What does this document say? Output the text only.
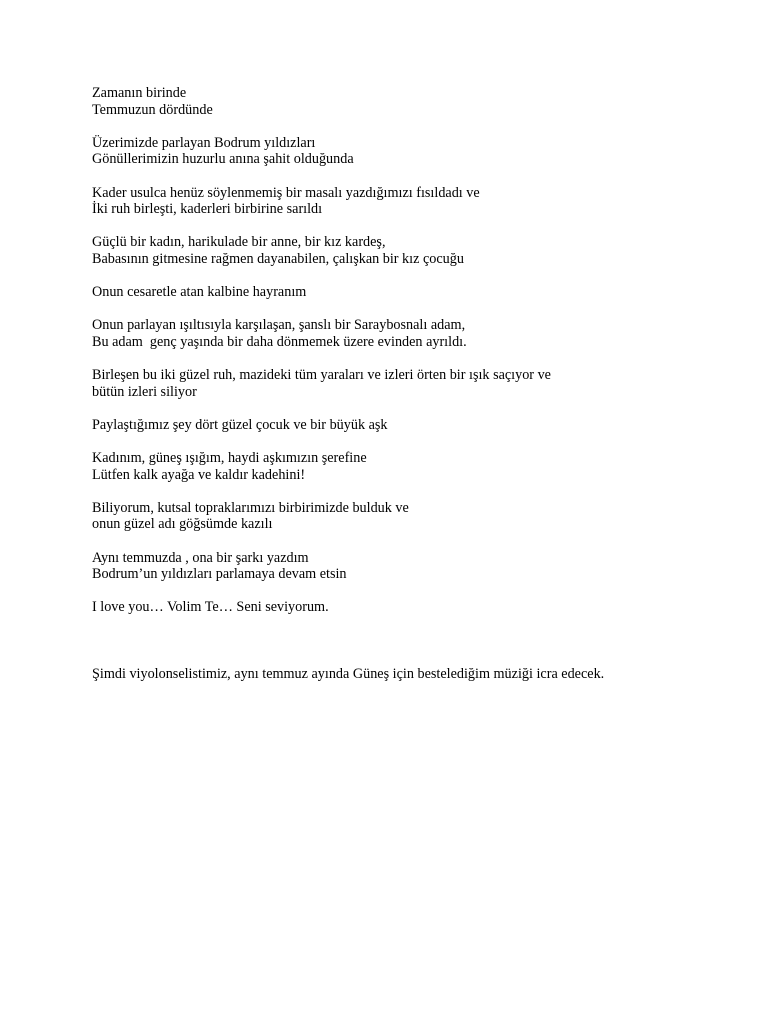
Zamanın birinde
Temmuzun dördünde
Üzerimizde parlayan Bodrum yıldızları
Gönüllerimizin huzurlu anına şahit olduğunda
Kader usulca henüz söylenmemiş bir masalı yazdığımızı fısıldadı ve
İki ruh birleşti, kaderleri birbirine sarıldı
Güçlü bir kadın, harikulade bir anne, bir kız kardeş,
Babasının gitmesine rağmen dayanabilen, çalışkan bir kız çocuğu
Onun cesaretle atan kalbine hayranım
Onun parlayan ışıltısıyla karşılaşan, şanslı bir Saraybosnalı adam,
Bu adam  genç yaşında bir daha dönmemek üzere evinden ayrıldı.
Birleşen bu iki güzel ruh, mazideki tüm yaraları ve izleri örten bir ışık saçıyor ve
bütün izleri siliyor
Paylaştığımız şey dört güzel çocuk ve bir büyük aşk
Kadınım, güneş ışığım, haydi aşkımızın şerefine
Lütfen kalk ayağa ve kaldır kadehini!
Biliyorum, kutsal topraklarımızı birbirimizde bulduk ve
onun güzel adı göğsümde kazılı
Aynı temmuzda , ona bir şarkı yazdım
Bodrum’un yıldızları parlamaya devam etsin
I love you… Volim Te… Seni seviyorum.
Şimdi viyolonselistimiz, aynı temmuz ayında Güneş için bestelediğim müziği icra edecek.
